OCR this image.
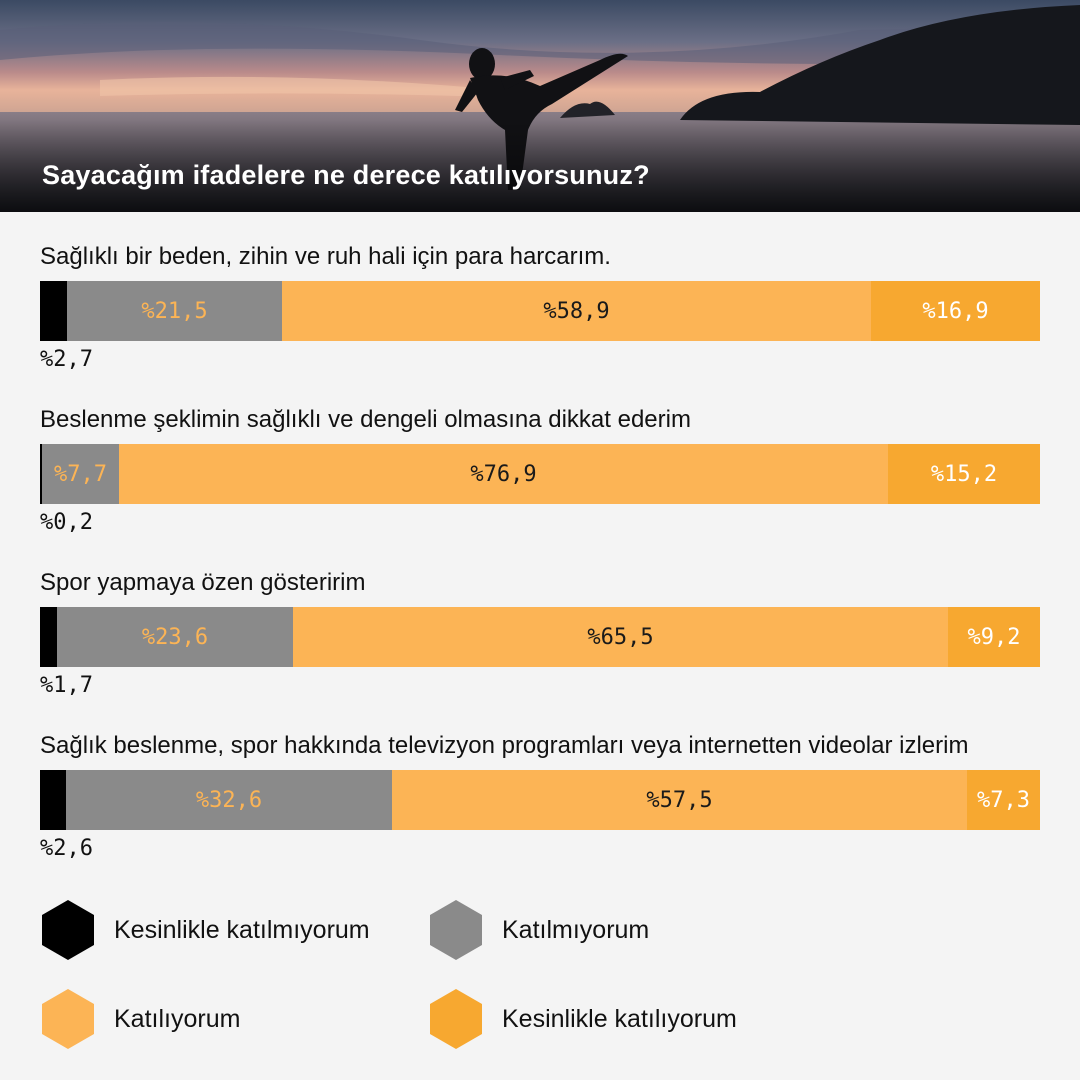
Sayacağım ifadelere ne derece katılıyorsunuz?

Sağlıklı bir beden, zihin ve ruh hali için para harcarım.

%21,5	%58,9	%16,9
%2,7

Beslenme şeklimin sağlıklı ve dengeli olmasına dikkat ederim

%7,7	%76,9	%15,2
%0,2

Spor yapmaya özen gösteririm

%23,6	%65,5	%9,2
%1,7

Sağlık beslenme, spor hakkında televizyon programları veya internetten videolar izlerim

%32,6	%57,5	%7,3
%2,6
Kesinlikle katılmıyorum	Katılmıyorum
Katılıyorum	Kesinlikle katılıyorum
